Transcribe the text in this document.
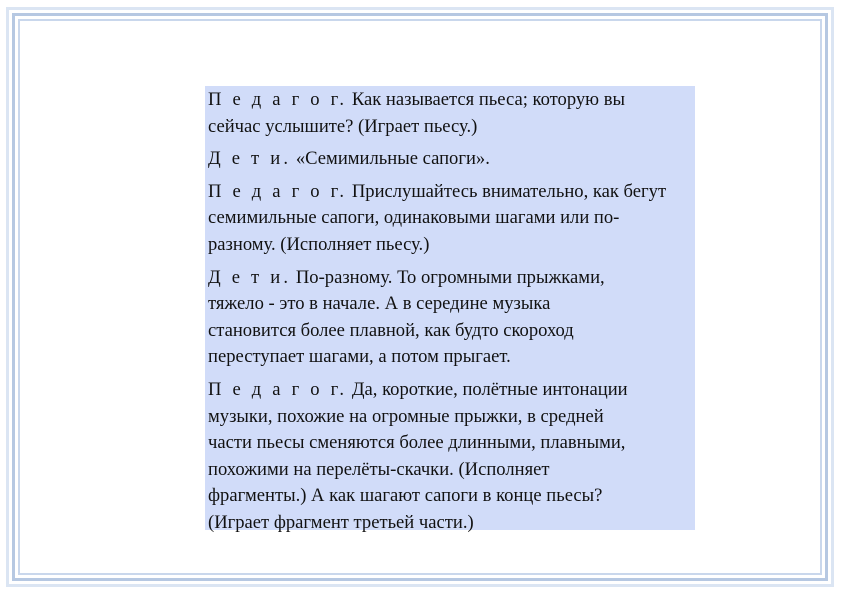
П е д а г о г. Как называется пьеса; которую вы
сейчас услышите? (Играет пьесу.)
Д е т и. «Семимильные сапоги».
П е д а г о г. Прислушайтесь внимательно, как бегут
семимильные сапоги, одинаковыми шагами или по-
разному. (Исполняет пьесу.)
Д е т и. По-разному. То огромными прыжками,
тяжело - это в начале. А в середине музыка
становится более плавной, как будто скороход
переступает шагами, а потом прыгает.
П е д а г о г. Да, короткие, полётные интонации
музыки, похожие на огромные прыжки, в средней
части пьесы сменяются более длинными, плавными,
похожими на перелёты-скачки. (Исполняет
фрагменты.) А как шагают сапоги в конце пьесы?
(Играет фрагмент третьей части.)
